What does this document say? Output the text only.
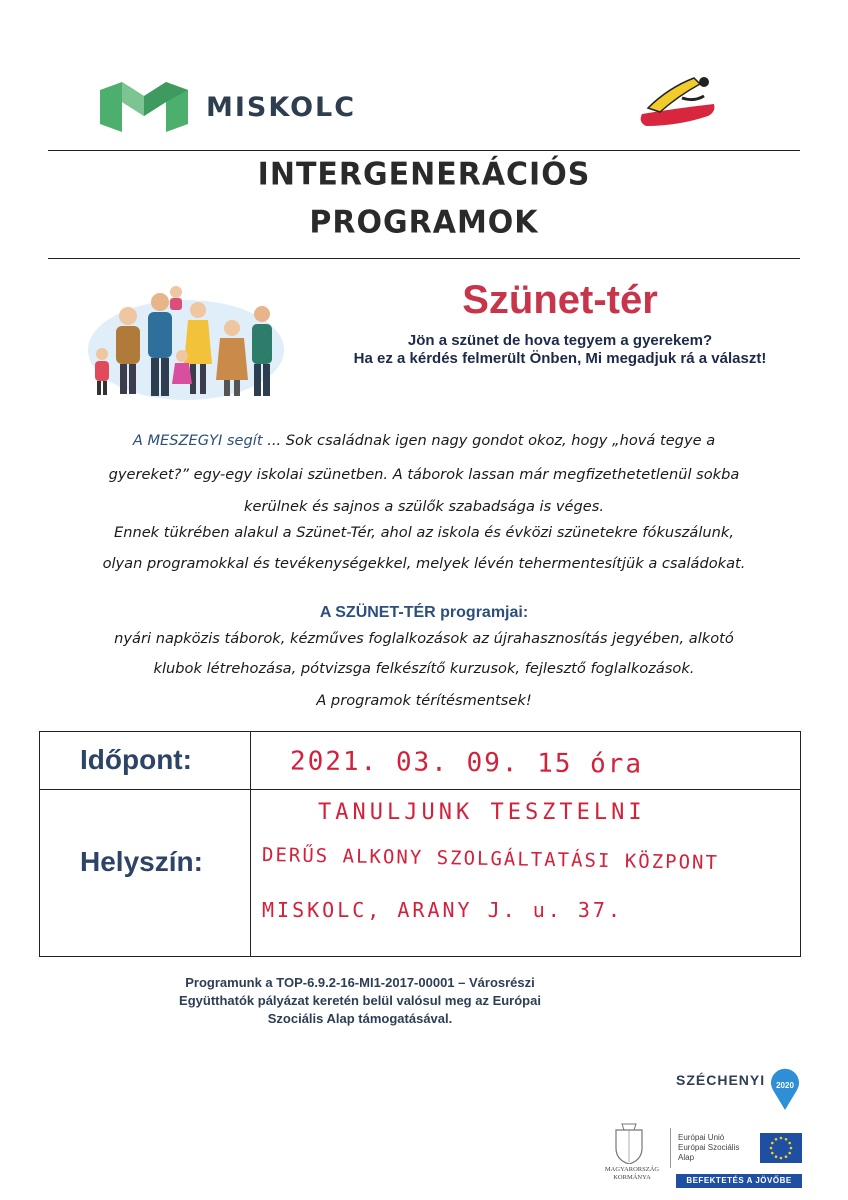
MISKOLC
INTERGENERÁCIÓS
PROGRAMOK
Szünet-tér
Jön a szünet de hova tegyem a gyerekem?
Ha ez a kérdés felmerült Önben, Mi megadjuk rá a választ!
A MESZEGYI segít ... Sok családnak igen nagy gondot okoz, hogy „hová tegye a
gyereket?” egy-egy iskolai szünetben. A táborok lassan már megfizethetetlenül sokba
kerülnek és sajnos a szülők szabadsága is véges.
Ennek tükrében alakul a Szünet-Tér, ahol az iskola és évközi szünetekre fókuszálunk,
olyan programokkal és tevékenységekkel, melyek lévén tehermentesítjük a családokat.
A SZÜNET-TÉR programjai:
nyári napközis táborok, kézműves foglalkozások az újrahasznosítás jegyében, alkotó
klubok létrehozása, pótvizsga felkészítő kurzusok, fejlesztő foglalkozások.
A programok térítésmentsek!
Időpont:	2021. 03. 09. 15 óra
Helyszín:
TANULJUNK TESZTELNI
DERŰS ALKONY SZOLGÁLTATÁSI KÖZPONT
MISKOLC, ARANY J. u. 37.
Programunk a TOP-6.9.2-16-MI1-2017-00001 – Városrészi
Együtthatók pályázat keretén belül valósul meg az Európai
Szociális Alap támogatásával.
SZÉCHENYI 2020
MAGYARORSZÁG KORMÁNYA
Európai Unió
Európai Szociális
Alap
BEFEKTETÉS A JÖVŐBE
